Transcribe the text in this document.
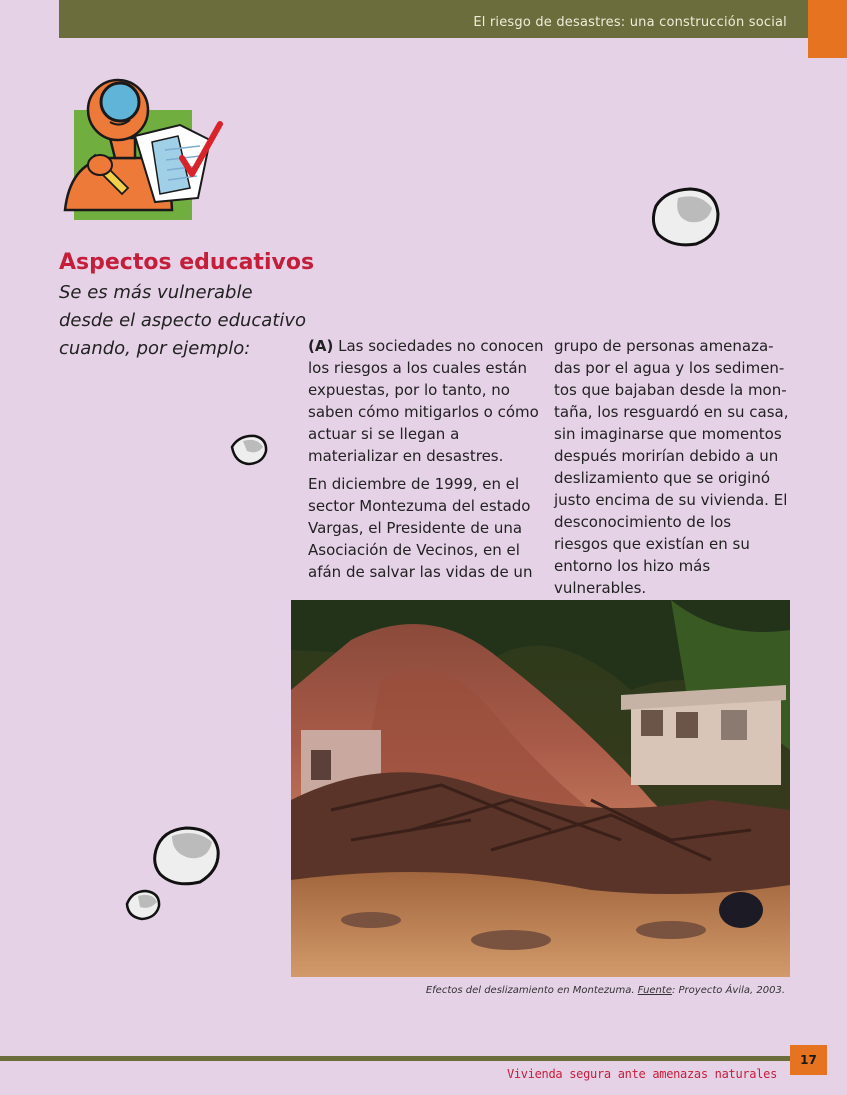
El riesgo de desastres: una construcción social
Aspectos educativos
Se es más vulnerable desde el aspecto educativo cuando, por ejemplo:	(A) Las sociedades no conocen los riesgos a los cuales están expuestas, por lo tanto, no saben cómo mitigarlos o cómo actuar si se llegan a materializar en desastres.

En diciembre de 1999, en el sector Montezuma del estado Vargas, el Presidente de una Asociación de Vecinos, en el afán de salvar las vidas de un

grupo de personas amenaza-das por el agua y los sedimen-tos que bajaban desde la mon-taña, los resguardó en su casa, sin imaginarse que momentos después morirían debido a un deslizamiento que se originó justo encima de su vivienda. El desconocimiento de los riesgos que existían en su entorno los hizo más vulnerables.

Efectos del deslizamiento en Montezuma. Fuente: Proyecto Ávila, 2003.
Vivienda segura ante amenazas naturales
17
